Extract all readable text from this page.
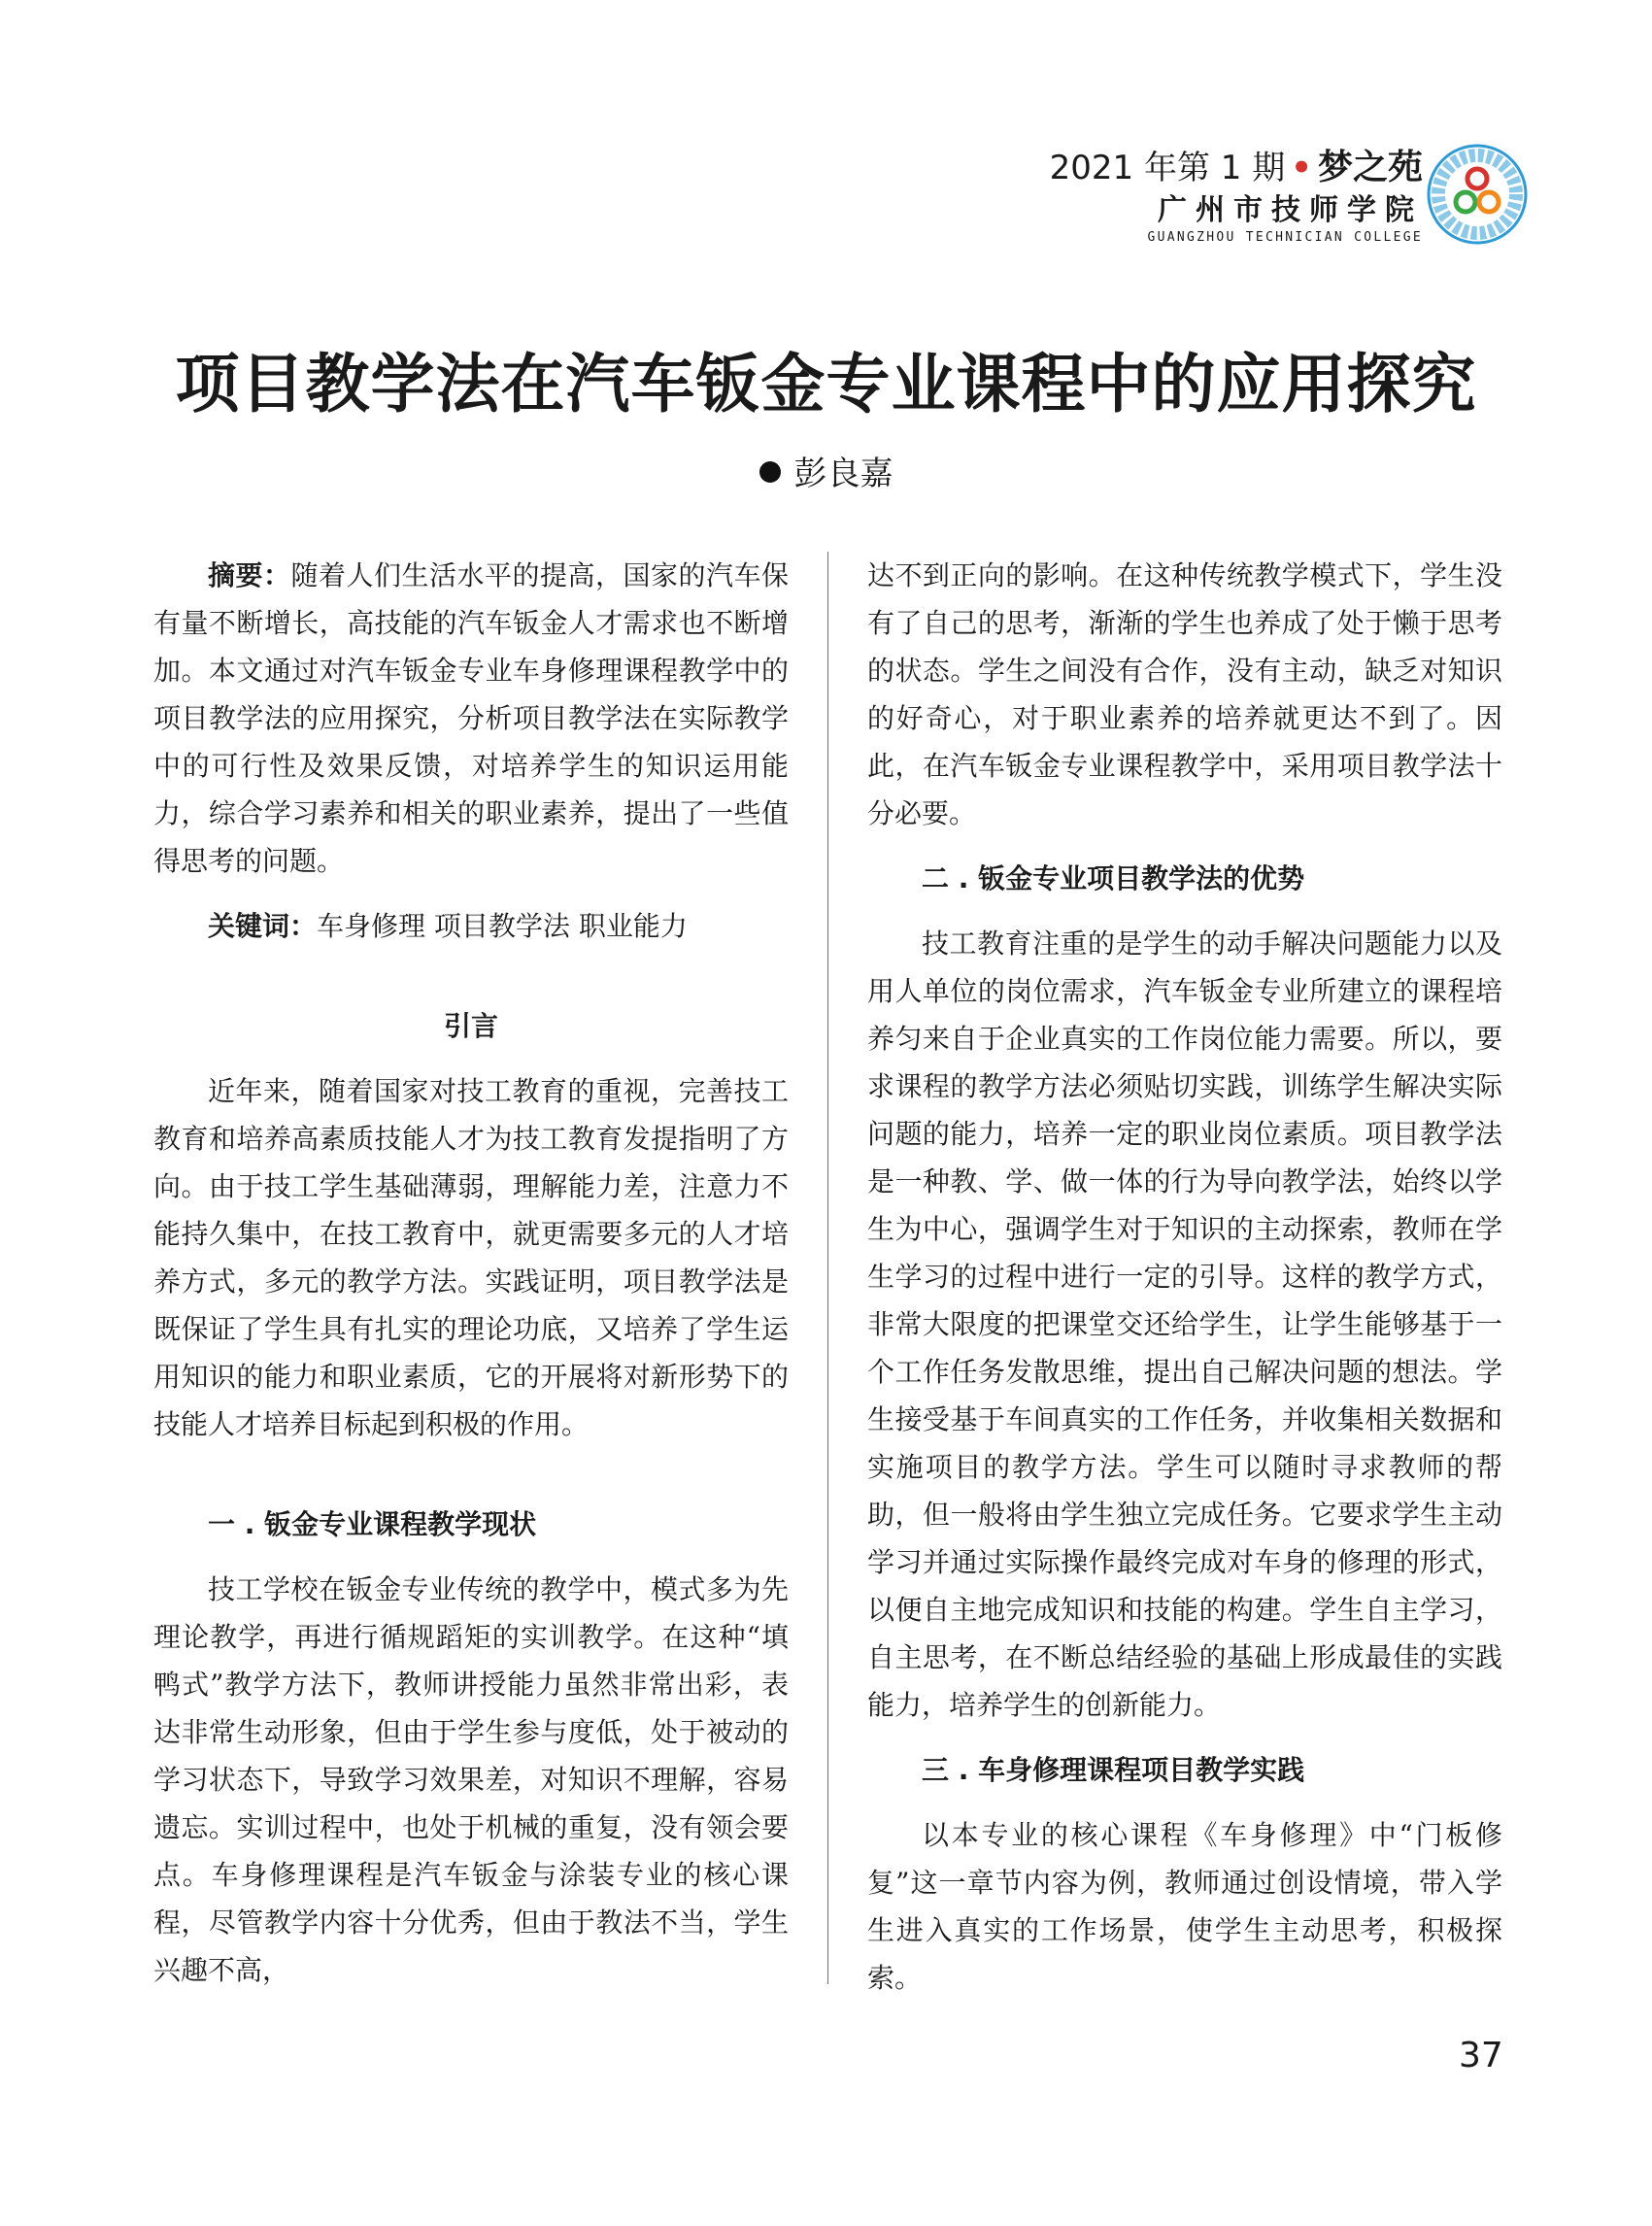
2021 年第 1 期 • 梦之苑
广州市技师学院
GUANGZHOU TECHNICIAN COLLEGE
项目教学法在汽车钣金专业课程中的应用探究
彭良嘉

摘要：随着人们生活水平的提高，国家的汽车保有量不断增长，高技能的汽车钣金人才需求也不断增加。本文通过对汽车钣金专业车身修理课程教学中的项目教学法的应用探究，分析项目教学法在实际教学中的可行性及效果反馈，对培养学生的知识运用能力，综合学习素养和相关的职业素养，提出了一些值得思考的问题。

关键词：车身修理 项目教学法 职业能力

引言

近年来，随着国家对技工教育的重视，完善技工教育和培养高素质技能人才为技工教育发提指明了方向。由于技工学生基础薄弱，理解能力差，注意力不能持久集中，在技工教育中，就更需要多元的人才培养方式，多元的教学方法。实践证明，项目教学法是既保证了学生具有扎实的理论功底，又培养了学生运用知识的能力和职业素质，它的开展将对新形势下的技能人才培养目标起到积极的作用。

一 . 钣金专业课程教学现状

技工学校在钣金专业传统的教学中，模式多为先理论教学，再进行循规蹈矩的实训教学。在这种“填鸭式”教学方法下，教师讲授能力虽然非常出彩，表达非常生动形象，但由于学生参与度低，处于被动的学习状态下，导致学习效果差，对知识不理解，容易遗忘。实训过程中，也处于机械的重复，没有领会要点。车身修理课程是汽车钣金与涂装专业的核心课程，尽管教学内容十分优秀，但由于教法不当，学生兴趣不高，

达不到正向的影响。在这种传统教学模式下，学生没有了自己的思考，渐渐的学生也养成了处于懒于思考的状态。学生之间没有合作，没有主动，缺乏对知识的好奇心，对于职业素养的培养就更达不到了。因此，在汽车钣金专业课程教学中，采用项目教学法十分必要。

二 . 钣金专业项目教学法的优势

技工教育注重的是学生的动手解决问题能力以及用人单位的岗位需求，汽车钣金专业所建立的课程培养匀来自于企业真实的工作岗位能力需要。所以，要求课程的教学方法必须贴切实践，训练学生解决实际问题的能力，培养一定的职业岗位素质。项目教学法是一种教、学、做一体的行为导向教学法，始终以学生为中心，强调学生对于知识的主动探索，教师在学生学习的过程中进行一定的引导。这样的教学方式，非常大限度的把课堂交还给学生，让学生能够基于一个工作任务发散思维，提出自己解决问题的想法。学生接受基于车间真实的工作任务，并收集相关数据和实施项目的教学方法。学生可以随时寻求教师的帮助，但一般将由学生独立完成任务。它要求学生主动学习并通过实际操作最终完成对车身的修理的形式，以便自主地完成知识和技能的构建。学生自主学习，自主思考，在不断总结经验的基础上形成最佳的实践能力，培养学生的创新能力。

三 . 车身修理课程项目教学实践

以本专业的核心课程《车身修理》中“门板修复”这一章节内容为例，教师通过创设情境，带入学生进入真实的工作场景，使学生主动思考，积极探索。

37
